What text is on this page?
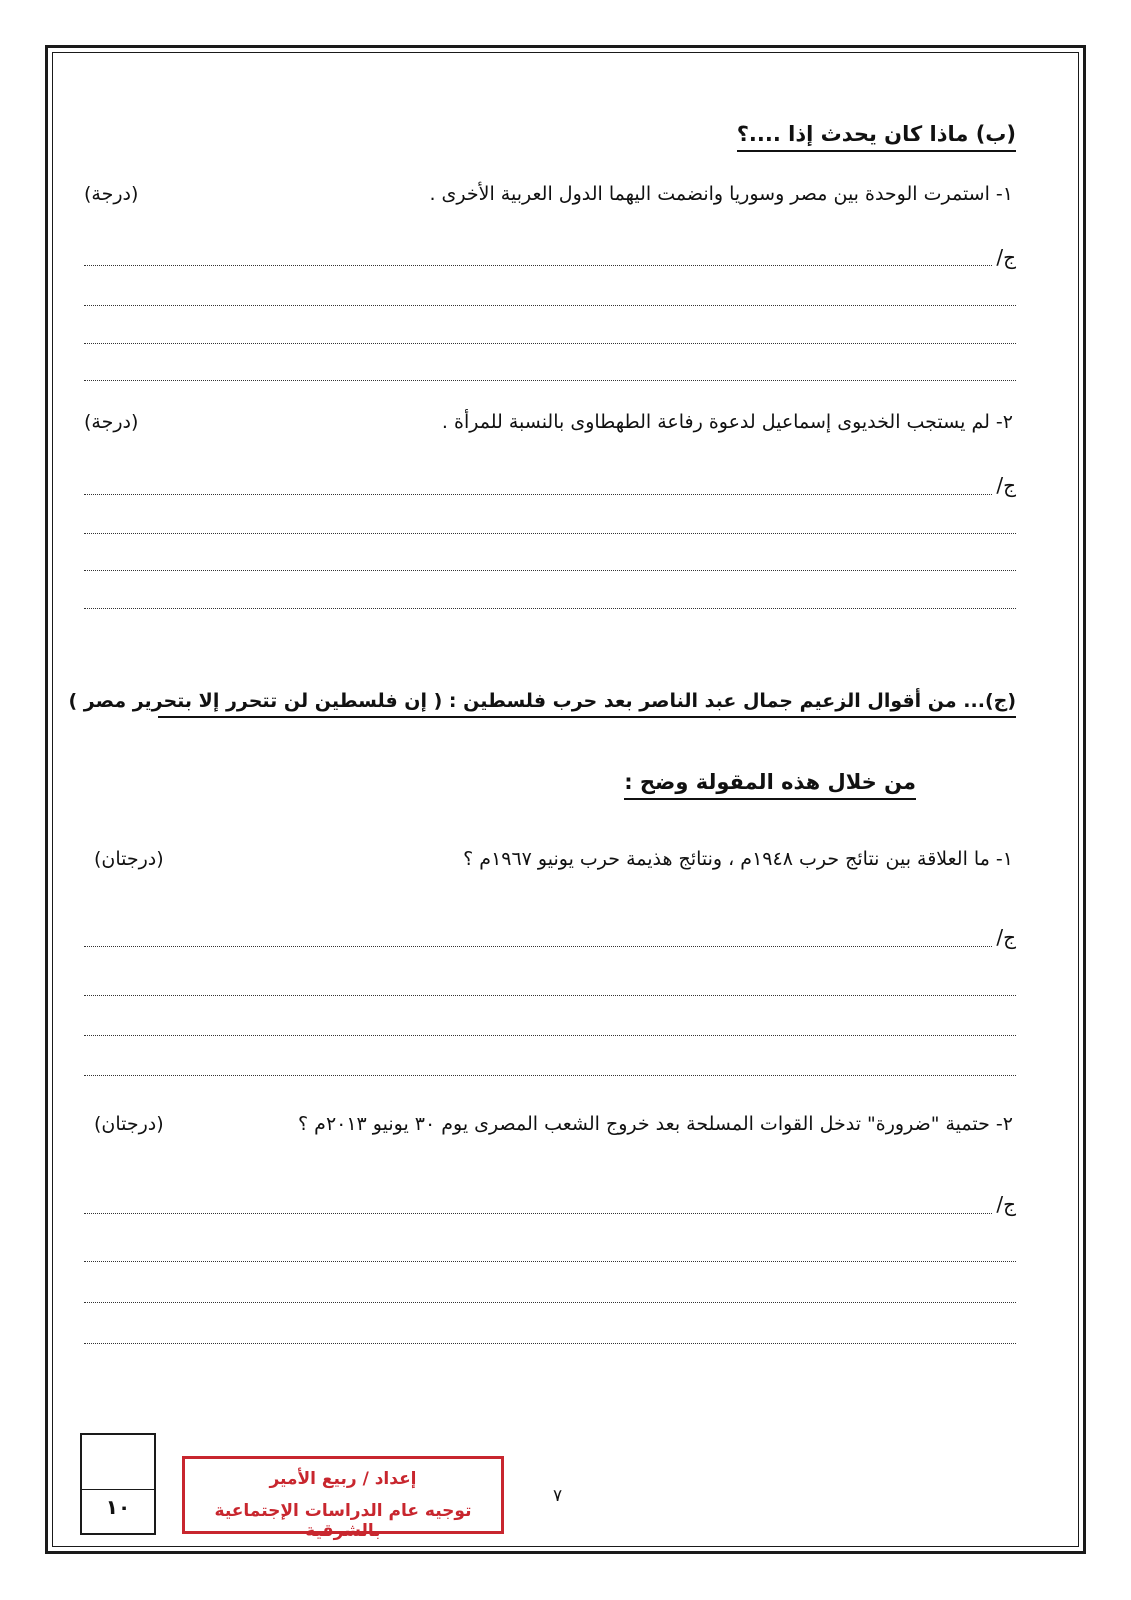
(ب) ماذا كان يحدث إذا ....؟
١- استمرت الوحدة بين مصر وسوريا وانضمت اليهما الدول العربية الأخرى .
(درجة)
ج/
٢- لم يستجب الخديوى إسماعيل لدعوة رفاعة الطهطاوى بالنسبة للمرأة .
(درجة)
ج/
(ج)... من أقوال الزعيم جمال عبد الناصر بعد حرب فلسطين : ( إن فلسطين لن تتحرر إلا بتحرير مصر )
من خلال هذه المقولة وضح :
١- ما العلاقة بين نتائج حرب ١٩٤٨م ، ونتائج هذيمة حرب يونيو ١٩٦٧م ؟
(درجتان)
ج/
٢- حتمية "ضرورة" تدخل القوات المسلحة بعد خروج الشعب المصرى يوم ٣٠ يونيو ٢٠١٣م ؟
(درجتان)
ج/
١٠
إعداد / ربيع الأمير
توجيه عام الدراسات الإجتماعية بالشرقية
٧
